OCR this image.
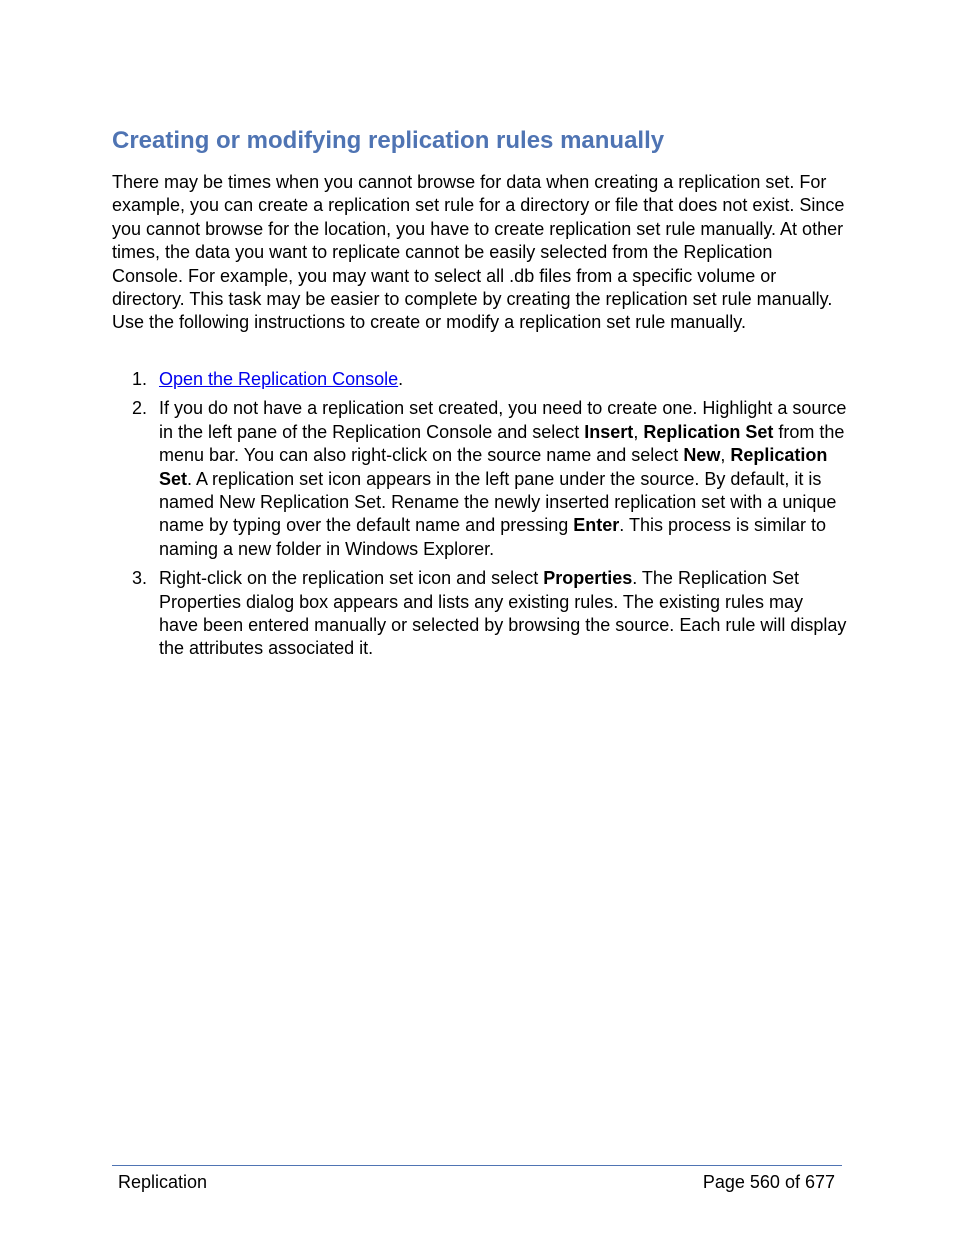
Creating or modifying replication rules manually

There may be times when you cannot browse for data when creating a replication set. For example, you can create a replication set rule for a directory or file that does not exist. Since you cannot browse for the location, you have to create replication set rule manually. At other times, the data you want to replicate cannot be easily selected from the Replication Console. For example, you may want to select all .db files from a specific volume or directory. This task may be easier to complete by creating the replication set rule manually. Use the following instructions to create or modify a replication set rule manually.

1. Open the Replication Console.
2. If you do not have a replication set created, you need to create one. Highlight a source in the left pane of the Replication Console and select Insert, Replication Set from the menu bar. You can also right-click on the source name and select New, Replication Set. A replication set icon appears in the left pane under the source. By default, it is named New Replication Set. Rename the newly inserted replication set with a unique name by typing over the default name and pressing Enter. This process is similar to naming a new folder in Windows Explorer.
3. Right-click on the replication set icon and select Properties. The Replication Set Properties dialog box appears and lists any existing rules. The existing rules may have been entered manually or selected by browsing the source. Each rule will display the attributes associated it.
Replication	Page 560 of 677
